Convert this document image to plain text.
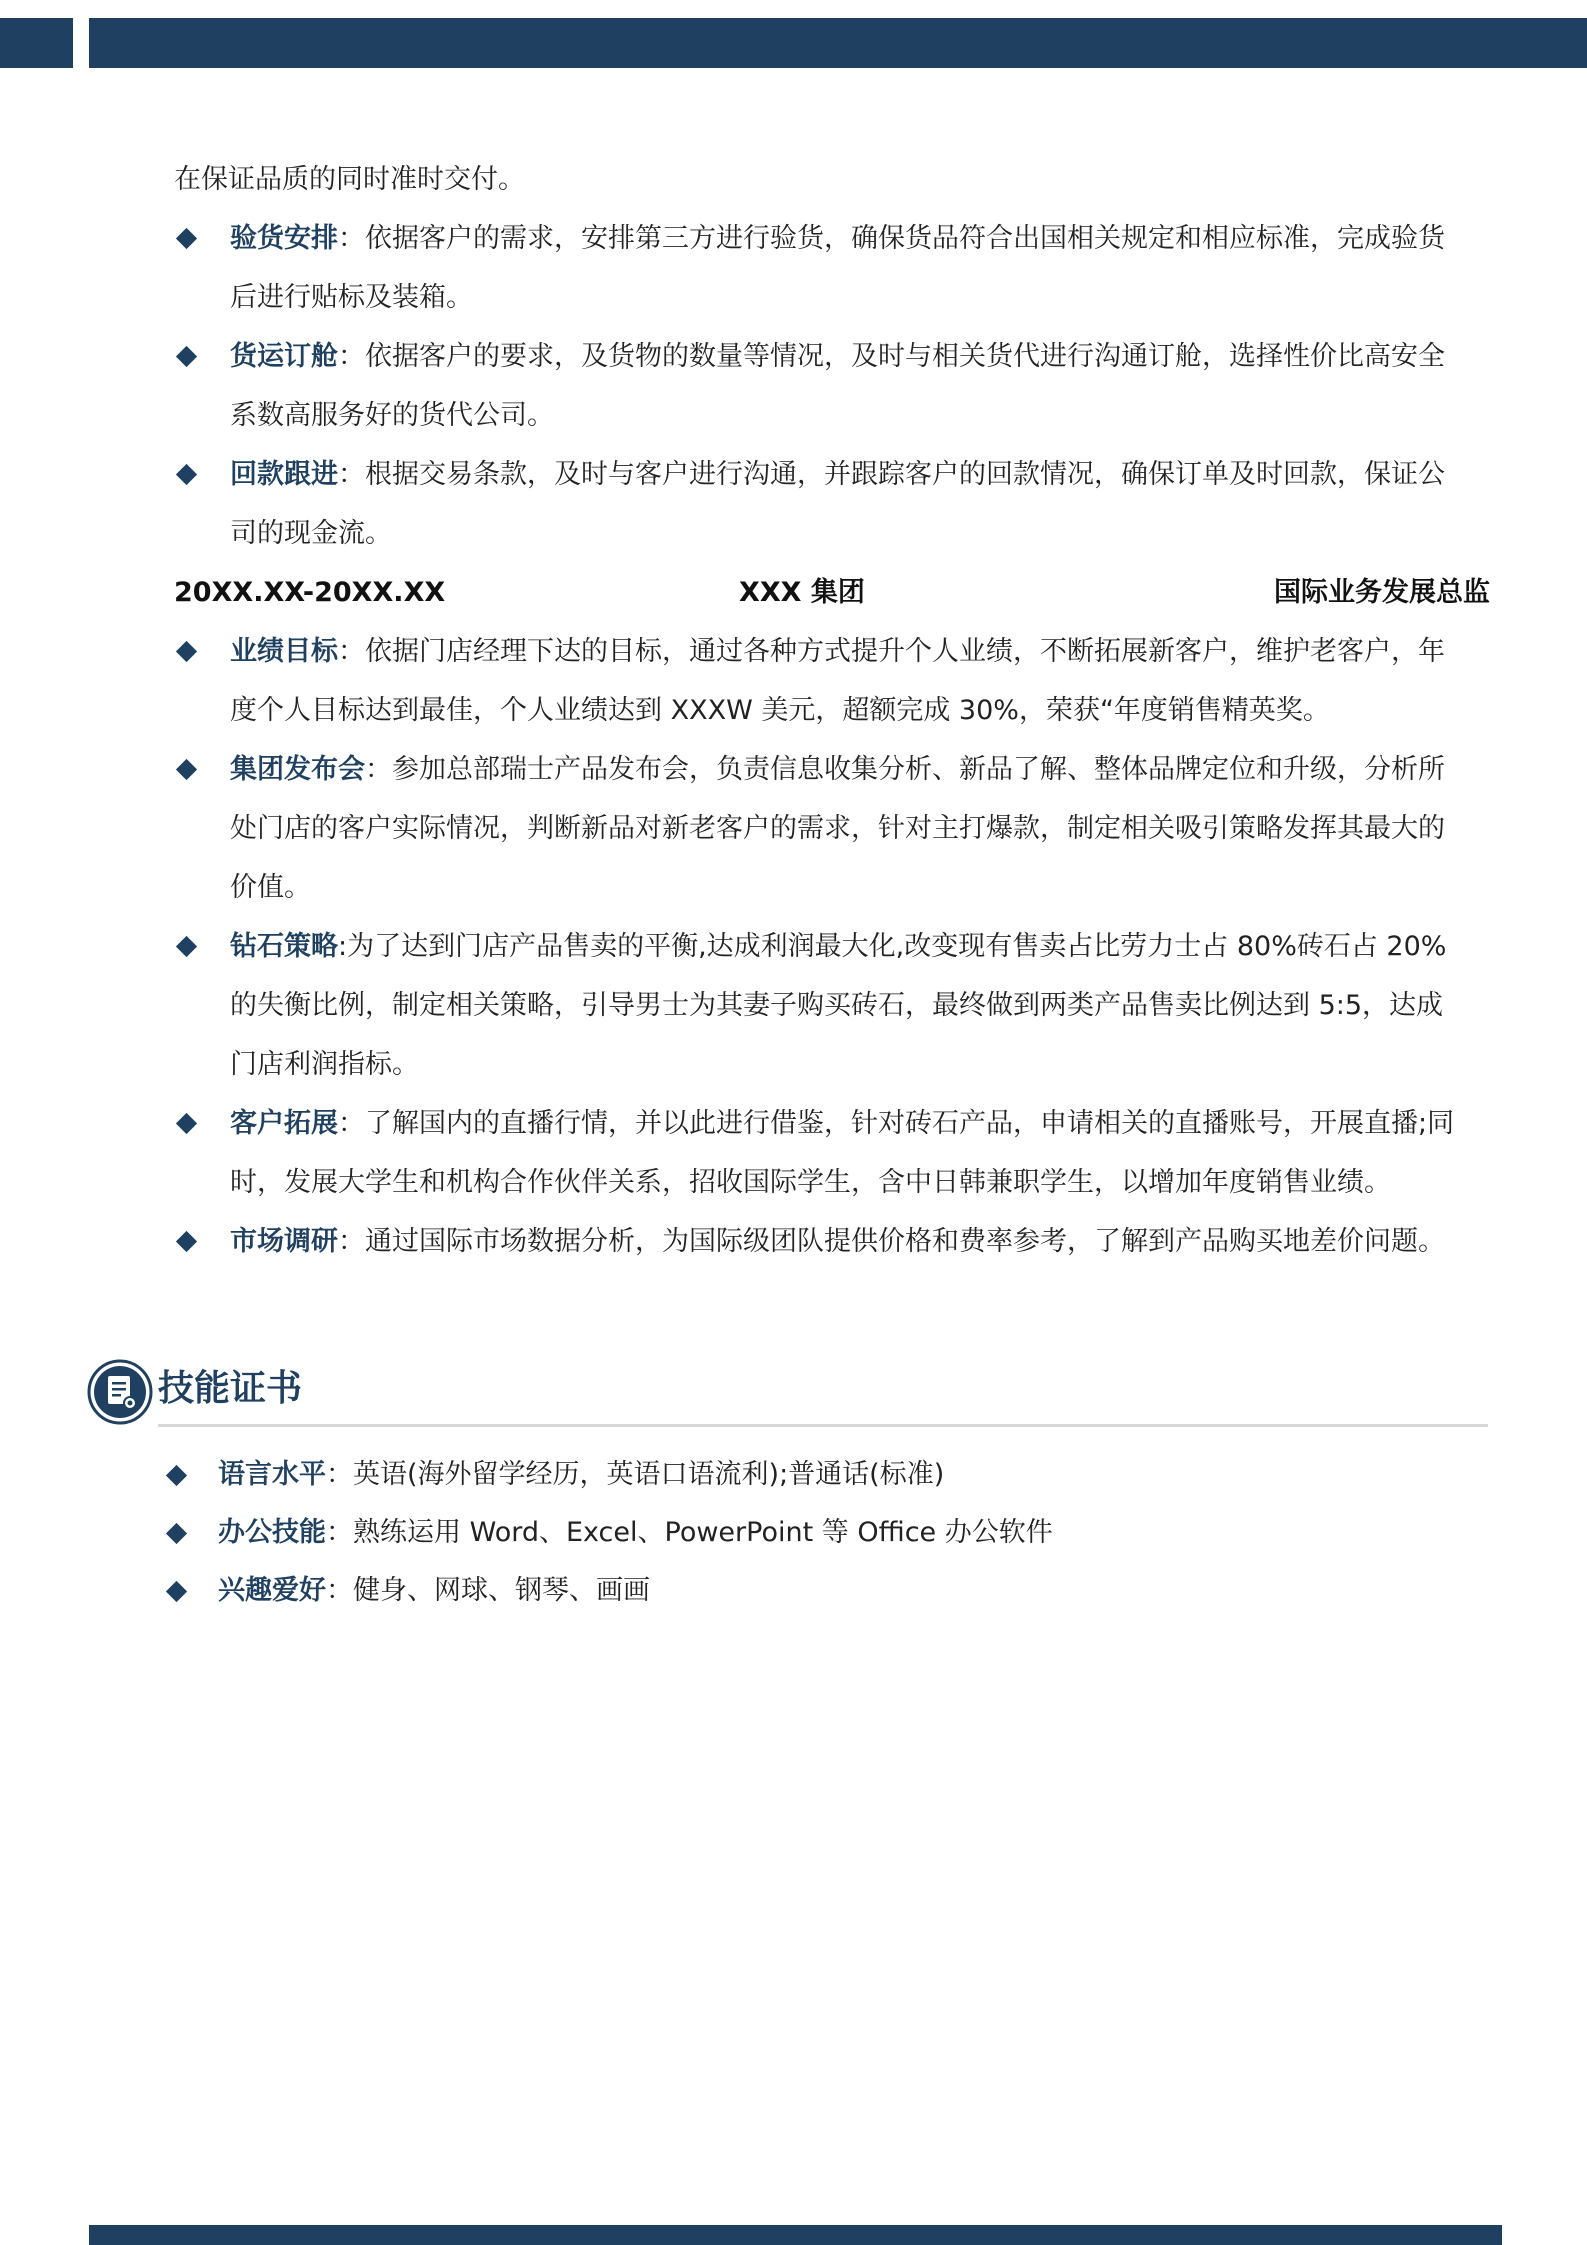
在保证品质的同时准时交付。
验货安排：依据客户的需求，安排第三方进行验货，确保货品符合出国相关规定和相应标准，完成验货
后进行贴标及装箱。
货运订舱：依据客户的要求，及货物的数量等情况，及时与相关货代进行沟通订舱，选择性价比高安全
系数高服务好的货代公司。
回款跟进：根据交易条款，及时与客户进行沟通，并跟踪客户的回款情况，确保订单及时回款，保证公
司的现金流。
20XX.XX-20XX.XX	XXX 集团	国际业务发展总监
业绩目标：依据门店经理下达的目标，通过各种方式提升个人业绩，不断拓展新客户，维护老客户，年
度个人目标达到最佳，个人业绩达到 XXXW 美元，超额完成 30%，荣获“年度销售精英奖。
集团发布会：参加总部瑞士产品发布会，负责信息收集分析、新品了解、整体品牌定位和升级，分析所
处门店的客户实际情况，判断新品对新老客户的需求，针对主打爆款，制定相关吸引策略发挥其最大的
价值。
钻石策略:为了达到门店产品售卖的平衡,达成利润最大化,改变现有售卖占比劳力士占 80%砖石占 20%
的失衡比例，制定相关策略，引导男士为其妻子购买砖石，最终做到两类产品售卖比例达到 5:5，达成
门店利润指标。
客户拓展：了解国内的直播行情，并以此进行借鉴，针对砖石产品，申请相关的直播账号，开展直播;同
时，发展大学生和机构合作伙伴关系，招收国际学生，含中日韩兼职学生，以增加年度销售业绩。
市场调研：通过国际市场数据分析，为国际级团队提供价格和费率参考，了解到产品购买地差价问题。
技能证书
语言水平：英语(海外留学经历，英语口语流利);普通话(标准)
办公技能：熟练运用 Word、Excel、PowerPoint 等 Office 办公软件
兴趣爱好：健身、网球、钢琴、画画
